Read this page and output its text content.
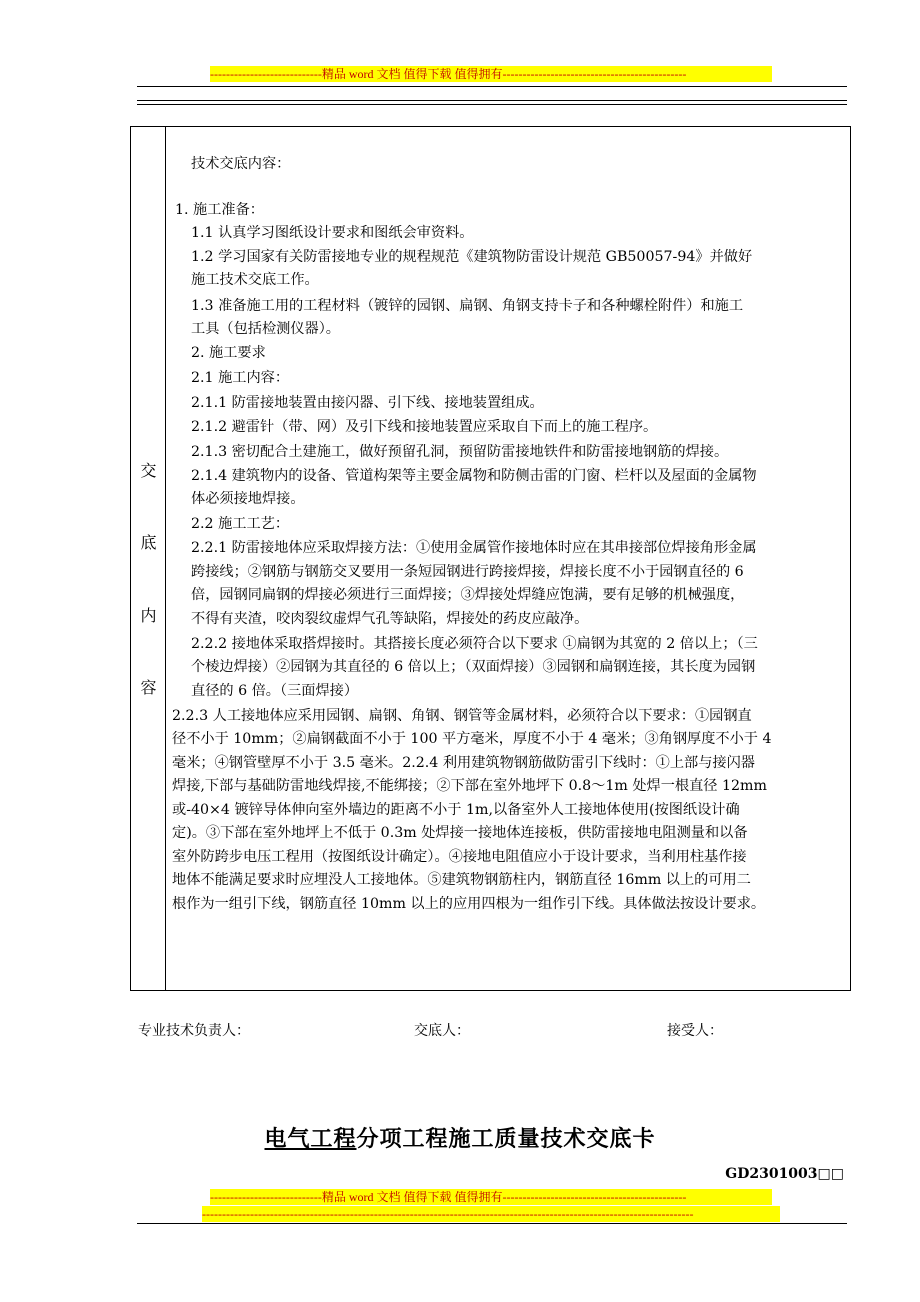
----------------------------精品 word 文档 值得下载 值得拥有----------------------------------------------
交
底
内
容
技术交底内容：
1. 施工准备：
1.1 认真学习图纸设计要求和图纸会审资料。
1.2 学习国家有关防雷接地专业的规程规范《建筑物防雷设计规范 GB50057-94》并做好
施工技术交底工作。
1.3 准备施工用的工程材料（镀锌的园钢、扁钢、角钢支持卡子和各种螺栓附件）和施工
工具（包括检测仪器）。
2. 施工要求
2.1 施工内容：
2.1.1 防雷接地装置由接闪器、引下线、接地装置组成。
2.1.2 避雷针（带、网）及引下线和接地装置应采取自下而上的施工程序。
2.1.3 密切配合土建施工，做好预留孔洞，预留防雷接地铁件和防雷接地钢筋的焊接。
2.1.4 建筑物内的设备、管道构架等主要金属物和防侧击雷的门窗、栏杆以及屋面的金属物
体必须接地焊接。
2.2 施工工艺：
2.2.1 防雷接地体应采取焊接方法：①使用金属管作接地体时应在其串接部位焊接角形金属
跨接线；②钢筋与钢筋交叉要用一条短园钢进行跨接焊接，焊接长度不小于园钢直径的 6
倍，园钢同扁钢的焊接必须进行三面焊接；③焊接处焊缝应饱满，要有足够的机械强度，
不得有夹渣，咬肉裂纹虚焊气孔等缺陷，焊接处的药皮应敲净。
2.2.2 接地体采取搭焊接时。其搭接长度必须符合以下要求 ①扁钢为其宽的 2 倍以上；（三
个棱边焊接）②园钢为其直径的 6 倍以上；（双面焊接）③园钢和扁钢连接，其长度为园钢
直径的 6 倍。（三面焊接）
2.2.3 人工接地体应采用园钢、扁钢、角钢、钢管等金属材料，必须符合以下要求：①园钢直
径不小于 10mm；②扁钢截面不小于 100 平方毫米，厚度不小于 4 毫米；③角钢厚度不小于 4
毫米；④钢管壁厚不小于 3.5 毫米。2.2.4 利用建筑物钢筋做防雷引下线时：①上部与接闪器
焊接,下部与基础防雷地线焊接,不能绑接；②下部在室外地坪下 0.8～1m 处焊一根直径 12mm
或-40×4 镀锌导体伸向室外墙边的距离不小于 1m,以备室外人工接地体使用(按图纸设计确
定)。③下部在室外地坪上不低于 0.3m 处焊接一接地体连接板，供防雷接地电阻测量和以备
室外防跨步电压工程用（按图纸设计确定）。④接地电阻值应小于设计要求，当利用柱基作接
地体不能满足要求时应埋没人工接地体。⑤建筑物钢筋柱内，钢筋直径 16mm 以上的可用二
根作为一组引下线，钢筋直径 10mm 以上的应用四根为一组作引下线。具体做法按设计要求。
专业技术负责人：	交底人：	接受人：
电气工程分项工程施工质量技术交底卡
GD2301003□□
----------------------------精品 word 文档 值得下载 值得拥有----------------------------------------------
---------------------------------------------------------------------------------------------------------------------------
